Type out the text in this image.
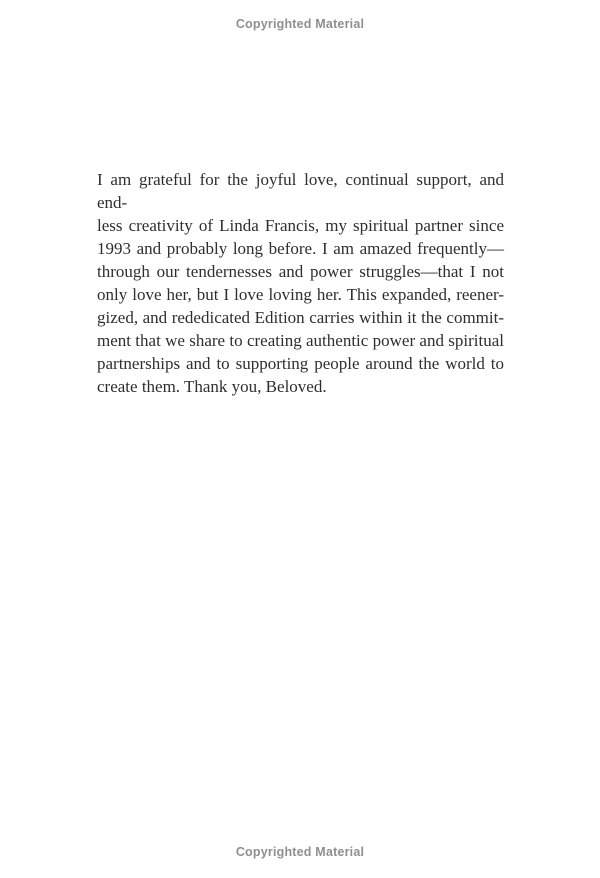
Copyrighted Material
I am grateful for the joyful love, continual support, and end-
less creativity of Linda Francis, my spiritual partner since
1993 and probably long before. I am amazed frequently—
through our tendernesses and power struggles—that I not
only love her, but I love loving her. This expanded, reener-
gized, and rededicated Edition carries within it the commit-
ment that we share to creating authentic power and spiritual
partnerships and to supporting people around the world to
create them. Thank you, Beloved.
Copyrighted Material
